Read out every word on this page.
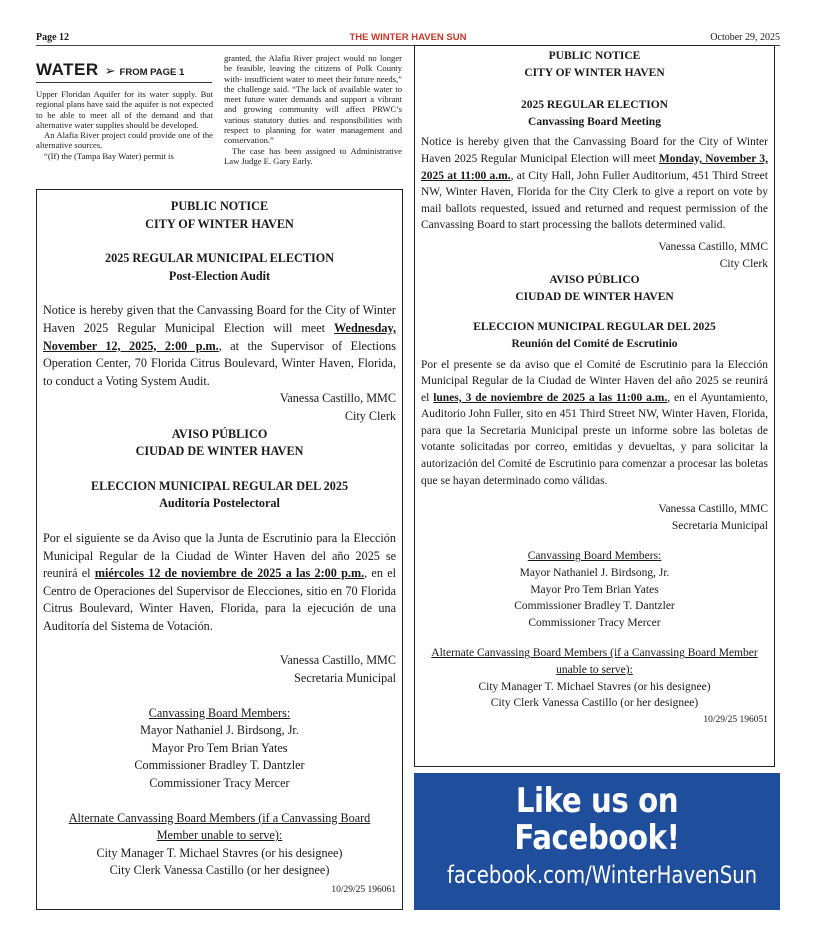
Page 12	THE WINTER HAVEN SUN	October 29, 2025
WATER ➢ FROM PAGE 1

Upper Floridan Aquifer for its water supply. But regional plans have said the aquifer is not expected to be able to meet all of the demand and that alternative water supplies should be developed.

An Alafia River project could provide one of the alternative sources.

“(If) the (Tampa Bay Water) permit is

granted, the Alafia River project would no longer be feasible, leaving the citizens of Polk County with- insufficient water to meet their future needs,” the challenge said. “The lack of available water to meet future water demands and support a vibrant and growing community will affect PRWC’s various statutory duties and responsibilities with respect to planning for water management and conservation.”

The case has been assigned to Administrative Law Judge E. Gary Early.

PUBLIC NOTICE

CITY OF WINTER HAVEN

2025 REGULAR MUNICIPAL ELECTION

Post-Election Audit

Notice is hereby given that the Canvassing Board for the City of Winter Haven 2025 Regular Municipal Election will meet Wednesday, November 12, 2025, 2:00 p.m., at the Supervisor of Elections Operation Center, 70 Florida Citrus Boulevard, Winter Haven, Florida, to conduct a Voting System Audit.

Vanessa Castillo, MMC

City Clerk

AVISO PÚBLICO

CIUDAD DE WINTER HAVEN

ELECCION MUNICIPAL REGULAR DEL 2025

Auditoría Postelectoral

Por el siguiente se da Aviso que la Junta de Escrutinio para la Elección Municipal Regular de la Ciudad de Winter Haven del año 2025 se reunirá el miércoles 12 de noviembre de 2025 a las 2:00 p.m., en el Centro de Operaciones del Supervisor de Elecciones, sitio en 70 Florida Citrus Boulevard, Winter Haven, Florida, para la ejecución de una Auditoría del Sistema de Votación.

Vanessa Castillo, MMC

Secretaria Municipal

Canvassing Board Members:

Mayor Nathaniel J. Birdsong, Jr.

Mayor Pro Tem Brian Yates

Commissioner Bradley T. Dantzler

Commissioner Tracy Mercer

Alternate Canvassing Board Members (if a Canvassing Board Member unable to serve):

City Manager T. Michael Stavres (or his designee)

City Clerk Vanessa Castillo (or her designee)

10/29/25 196061

PUBLIC NOTICE

CITY OF WINTER HAVEN

2025 REGULAR ELECTION

Canvassing Board Meeting

Notice is hereby given that the Canvassing Board for the City of Winter Haven 2025 Regular Municipal Election will meet Monday, November 3, 2025 at 11:00 a.m., at City Hall, John Fuller Auditorium, 451 Third Street NW, Winter Haven, Florida for the City Clerk to give a report on vote by mail ballots requested, issued and returned and request permission of the Canvassing Board to start processing the ballots determined valid.

Vanessa Castillo, MMC

City Clerk

AVISO PÚBLICO

CIUDAD DE WINTER HAVEN

ELECCION MUNICIPAL REGULAR DEL 2025

Reunión del Comité de Escrutinio

Por el presente se da aviso que el Comité de Escrutinio para la Elección Municipal Regular de la Ciudad de Winter Haven del año 2025 se reunirá el lunes, 3 de noviembre de 2025 a las 11:00 a.m., en el Ayuntamiento, Auditorio John Fuller, sito en 451 Third Street NW, Winter Haven, Florida, para que la Secretaria Municipal preste un informe sobre las boletas de votante solicitadas por correo, emitidas y devueltas, y para solicitar la autorización del Comité de Escrutinio para comenzar a procesar las boletas que se hayan determinado como válidas.

Vanessa Castillo, MMC

Secretaria Municipal

Canvassing Board Members:

Mayor Nathaniel J. Birdsong, Jr.

Mayor Pro Tem Brian Yates

Commissioner Bradley T. Dantzler

Commissioner Tracy Mercer

Alternate Canvassing Board Members (if a Canvassing Board Member unable to serve):

City Manager T. Michael Stavres (or his designee)

City Clerk Vanessa Castillo (or her designee)

10/29/25 196051

Like us on
Facebook!
facebook.com/WinterHavenSun
